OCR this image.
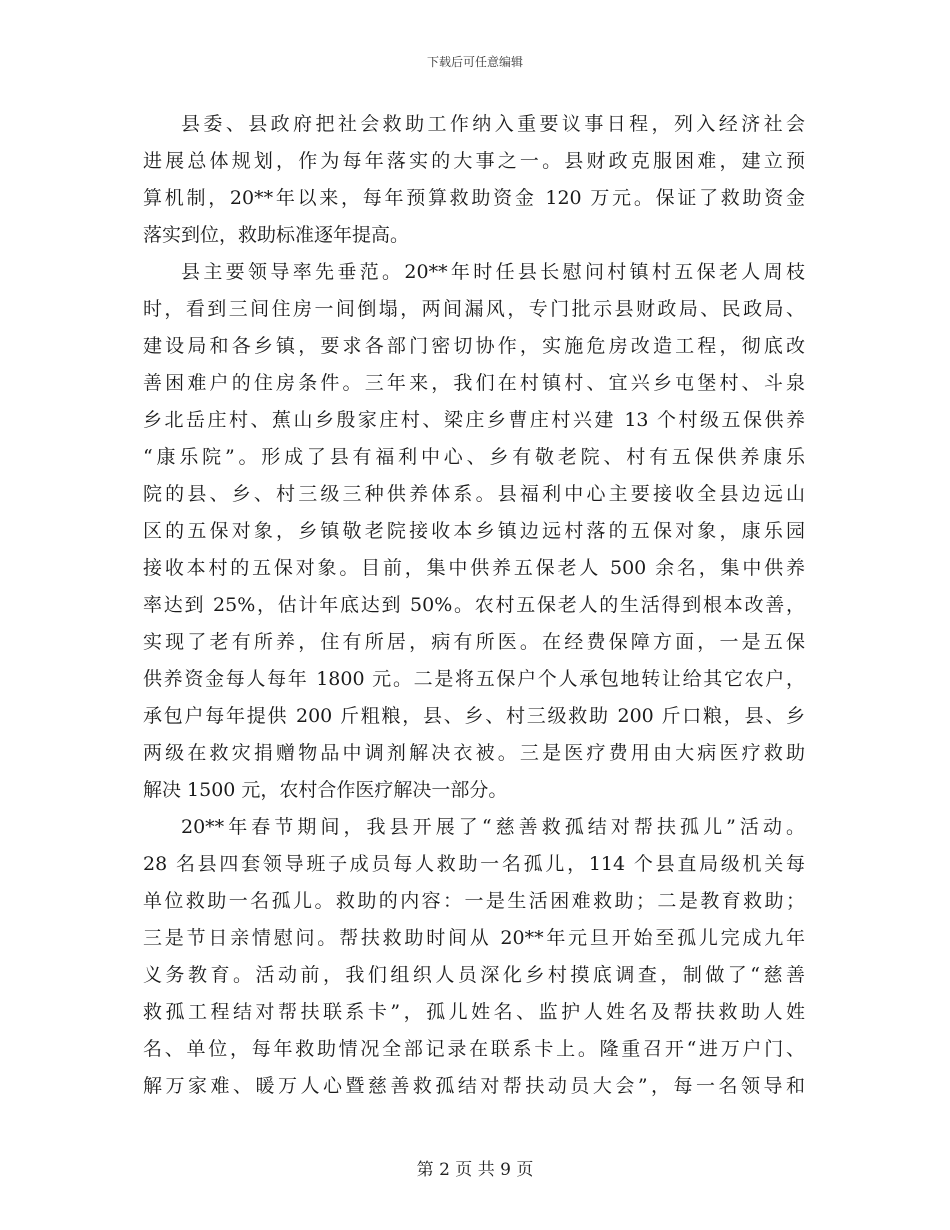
下载后可任意编辑
县委、县政府把社会救助工作纳入重要议事日程，列入经济社会
进展总体规划，作为每年落实的大事之一。县财政克服困难，建立预
算机制，20**年以来，每年预算救助资金 120 万元。保证了救助资金
落实到位，救助标准逐年提高。
县主要领导率先垂范。20**年时任县长慰问村镇村五保老人周枝
时，看到三间住房一间倒塌，两间漏风，专门批示县财政局、民政局、
建设局和各乡镇，要求各部门密切协作，实施危房改造工程，彻底改
善困难户的住房条件。三年来，我们在村镇村、宜兴乡屯堡村、斗泉
乡北岳庄村、蕉山乡殷家庄村、梁庄乡曹庄村兴建 13 个村级五保供养
“康乐院”。形成了县有福利中心、乡有敬老院、村有五保供养康乐
院的县、乡、村三级三种供养体系。县福利中心主要接收全县边远山
区的五保对象，乡镇敬老院接收本乡镇边远村落的五保对象，康乐园
接收本村的五保对象。目前，集中供养五保老人 500 余名，集中供养
率达到 25%，估计年底达到 50%。农村五保老人的生活得到根本改善，
实现了老有所养，住有所居，病有所医。在经费保障方面，一是五保
供养资金每人每年 1800 元。二是将五保户个人承包地转让给其它农户，
承包户每年提供 200 斤粗粮，县、乡、村三级救助 200 斤口粮，县、乡
两级在救灾捐赠物品中调剂解决衣被。三是医疗费用由大病医疗救助
解决 1500 元，农村合作医疗解决一部分。
20**年春节期间，我县开展了“慈善救孤结对帮扶孤儿”活动。
28 名县四套领导班子成员每人救助一名孤儿，114 个县直局级机关每
单位救助一名孤儿。救助的内容：一是生活困难救助；二是教育救助；
三是节日亲情慰问。帮扶救助时间从 20**年元旦开始至孤儿完成九年
义务教育。活动前，我们组织人员深化乡村摸底调查，制做了“慈善
救孤工程结对帮扶联系卡”，孤儿姓名、监护人姓名及帮扶救助人姓
名、单位，每年救助情况全部记录在联系卡上。隆重召开“进万户门、
解万家难、暖万人心暨慈善救孤结对帮扶动员大会”，每一名领导和
第 2 页 共 9 页
